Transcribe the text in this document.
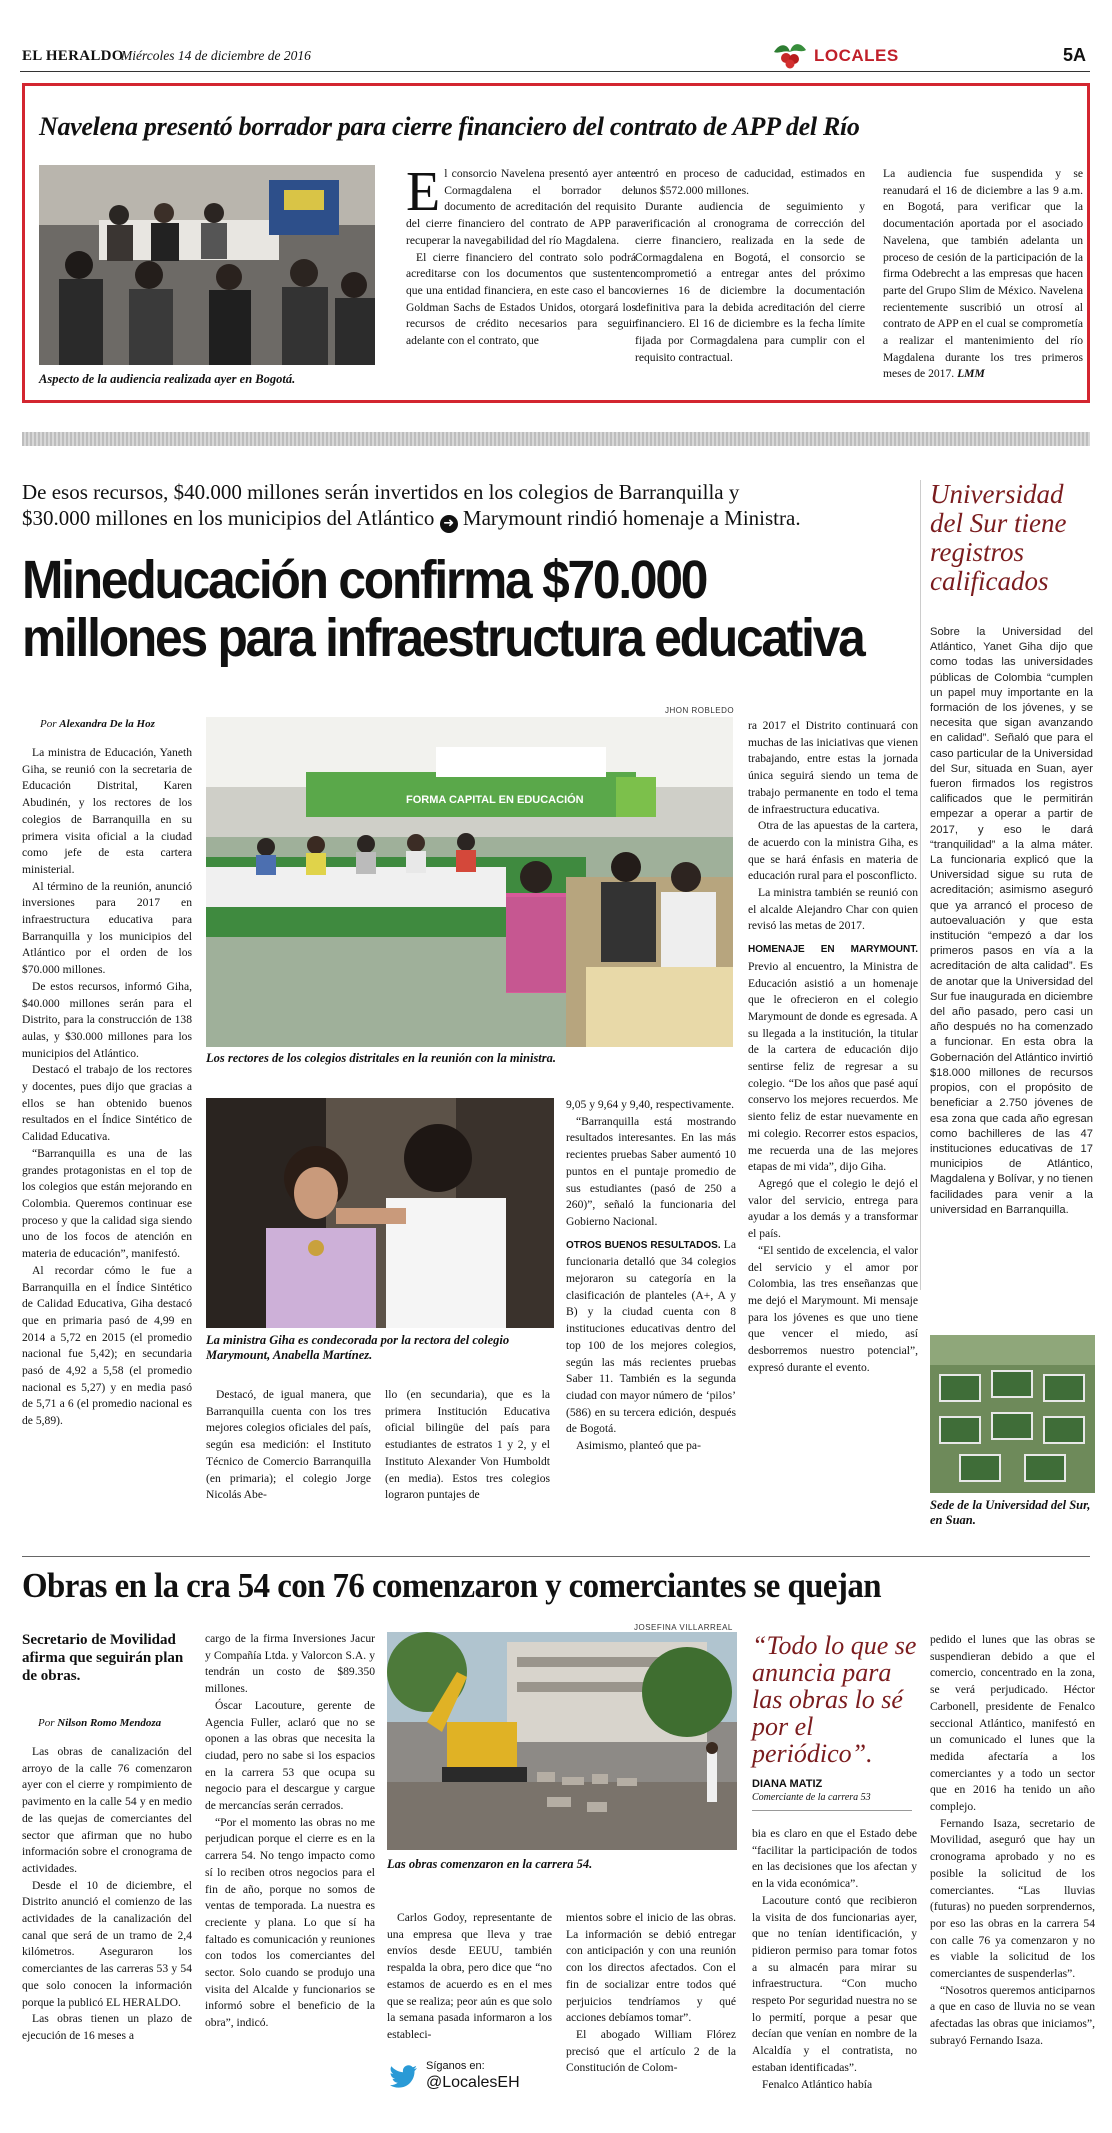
EL HERALDO
Miércoles 14 de diciembre de 2016	LOCALES	5A
Navelena presentó borrador para cierre financiero del contrato de APP del Río
Aspecto de la audiencia realizada ayer en Bogotá.

El consorcio Navelena presentó ayer ante Cormagdalena el borrador del documento de acreditación del requisito del cierre financiero del contrato de APP para recuperar la navegabilidad del río Magdalena.

El cierre financiero del contrato solo podrá acreditarse con los documentos que sustenten que una entidad financiera, en este caso el banco Goldman Sachs de Estados Unidos, otorgará los recursos de crédito necesarios para seguir adelante con el contrato, que

entró en proceso de caducidad, estimados en unos $572.000 millones.

Durante audiencia de seguimiento y verificación al cronograma de corrección del cierre financiero, realizada en la sede de Cormagdalena en Bogotá, el consorcio se comprometió a entregar antes del próximo viernes 16 de diciembre la documentación definitiva para la debida acreditación del cierre financiero. El 16 de diciembre es la fecha límite fijada por Cormagdalena para cumplir con el requisito contractual.

La audiencia fue suspendida y se reanudará el 16 de diciembre a las 9 a.m. en Bogotá, para verificar que la documentación aportada por el asociado Navelena, que también adelanta un proceso de cesión de la participación de la firma Odebrecht a las empresas que hacen parte del Grupo Slim de México. Navelena recientemente suscribió un otrosí al contrato de APP en el cual se comprometía a realizar el mantenimiento del río Magdalena durante los tres primeros meses de 2017. LMM

De esos recursos, $40.000 millones serán invertidos en los colegios de Barranquilla y
$30.000 millones en los municipios del Atlántico ➜ Marymount rindió homenaje a Ministra.
Mineducación confirma $70.000
millones para infraestructura educativa
Por Alexandra De la Hoz

La ministra de Educación, Yaneth Giha, se reunió con la secretaria de Educación Distrital, Karen Abudinén, y los rectores de los colegios de Barranquilla en su primera visita oficial a la ciudad como jefe de esta cartera ministerial.

Al término de la reunión, anunció inversiones para 2017 en infraestructura educativa para Barranquilla y los municipios del Atlántico por el orden de los $70.000 millones.

De estos recursos, informó Giha, $40.000 millones serán para el Distrito, para la construcción de 138 aulas, y $30.000 millones para los municipios del Atlántico.

Destacó el trabajo de los rectores y docentes, pues dijo que gracias a ellos se han obtenido buenos resultados en el Índice Sintético de Calidad Educativa.

“Barranquilla es una de las grandes protagonistas en el top de los colegios que están mejorando en Colombia. Queremos continuar ese proceso y que la calidad siga siendo uno de los focos de atención en materia de educación”, manifestó.

Al recordar cómo le fue a Barranquilla en el Índice Sintético de Calidad Educativa, Giha destacó que en primaria pasó de 4,99 en 2014 a 5,72 en 2015 (el promedio nacional fue 5,42); en secundaria pasó de 4,92 a 5,58 (el promedio nacional es 5,27) y en media pasó de 5,71 a 6 (el promedio nacional es de 5,89).

JHON ROBLEDO
FORMA CAPITAL EN EDUCACIÓN
Los rectores de los colegios distritales en la reunión con la ministra.
La ministra Giha es condecorada por la rectora del colegio Marymount, Anabella Martínez.

Destacó, de igual manera, que Barranquilla cuenta con los tres mejores colegios oficiales del país, según esa medición: el Instituto Técnico de Comercio Barranquilla (en primaria); el colegio Jorge Nicolás Abe-

llo (en secundaria), que es la primera Institución Educativa oficial bilingüe del país para estudiantes de estratos 1 y 2, y el Instituto Alexander Von Humboldt (en media). Estos tres colegios lograron puntajes de

9,05 y 9,64 y 9,40, respectivamente.

“Barranquilla está mostrando resultados interesantes. En las más recientes pruebas Saber aumentó 10 puntos en el puntaje promedio de sus estudiantes (pasó de 250 a 260)”, señaló la funcionaria del Gobierno Nacional.

OTROS BUENOS RESULTADOS. La funcionaria detalló que 34 colegios mejoraron su categoría en la clasificación de planteles (A+, A y B) y la ciudad cuenta con 8 instituciones educativas dentro del top 100 de los mejores colegios, según las más recientes pruebas Saber 11. También es la segunda ciudad con mayor número de ‘pilos’ (586) en su tercera edición, después de Bogotá.

Asimismo, planteó que pa-

ra 2017 el Distrito continuará con muchas de las iniciativas que vienen trabajando, entre estas la jornada única seguirá siendo un tema de trabajo permanente en todo el tema de infraestructura educativa.

Otra de las apuestas de la cartera, de acuerdo con la ministra Giha, es que se hará énfasis en materia de educación rural para el posconflicto.

La ministra también se reunió con el alcalde Alejandro Char con quien revisó las metas de 2017.

HOMENAJE EN MARYMOUNT. Previo al encuentro, la Ministra de Educación asistió a un homenaje que le ofrecieron en el colegio Marymount de donde es egresada. A su llegada a la institución, la titular de la cartera de educación dijo sentirse feliz de regresar a su colegio. “De los años que pasé aquí conservo los mejores recuerdos. Me siento feliz de estar nuevamente en mi colegio. Recorrer estos espacios, me recuerda una de las mejores etapas de mi vida”, dijo Giha.

Agregó que el colegio le dejó el valor del servicio, entrega para ayudar a los demás y a transformar el país.

“El sentido de excelencia, el valor del servicio y el amor por Colombia, las tres enseñanzas que me dejó el Marymount. Mi mensaje para los jóvenes es que uno tiene que vencer el miedo, así desborremos nuestro potencial”, expresó durante el evento.

Universidad del Sur tiene registros calificados
Sobre la Universidad del Atlántico, Yanet Giha dijo que como todas las universidades públicas de Colombia “cumplen un papel muy importante en la formación de los jóvenes, y se necesita que sigan avanzando en calidad”. Señaló que para el caso particular de la Universidad del Sur, situada en Suan, ayer fueron firmados los registros calificados que le permitirán empezar a operar a partir de 2017, y eso le dará “tranquilidad” a la alma máter. La funcionaria explicó que la Universidad sigue su ruta de acreditación; asimismo aseguró que ya arrancó el proceso de autoevaluación y que esta institución “empezó a dar los primeros pasos en vía a la acreditación de alta calidad”. Es de anotar que la Universidad del Sur fue inaugurada en diciembre del año pasado, pero casi un año después no ha comenzado a funcionar. En esta obra la Gobernación del Atlántico invirtió $18.000 millones de recursos propios, con el propósito de beneficiar a 2.750 jóvenes de esa zona que cada año egresan como bachilleres de las 47 instituciones educativas de 17 municipios de Atlántico, Magdalena y Bolívar, y no tienen facilidades para venir a la universidad en Barranquilla.
Sede de la Universidad del Sur, en Suan.
Obras en la cra 54 con 76 comenzaron y comerciantes se quejan
Secretario de Movilidad afirma que seguirán plan de obras.
Por Nilson Romo Mendoza

Las obras de canalización del arroyo de la calle 76 comenzaron ayer con el cierre y rompimiento de pavimento en la calle 54 y en medio de las quejas de comerciantes del sector que afirman que no hubo información sobre el cronograma de actividades.

Desde el 10 de diciembre, el Distrito anunció el comienzo de las actividades de la canalización del canal que será de un tramo de 2,4 kilómetros. Aseguraron los comerciantes de las carreras 53 y 54 que solo conocen la información porque la publicó EL HERALDO.

Las obras tienen un plazo de ejecución de 16 meses a

cargo de la firma Inversiones Jacur y Compañía Ltda. y Valorcon S.A. y tendrán un costo de $89.350 millones.

Óscar Lacouture, gerente de Agencia Fuller, aclaró que no se oponen a las obras que necesita la ciudad, pero no sabe si los espacios en la carrera 53 que ocupa su negocio para el descargue y cargue de mercancías serán cerrados.

“Por el momento las obras no me perjudican porque el cierre es en la carrera 54. No tengo impacto como sí lo reciben otros negocios para el fin de año, porque no somos de ventas de temporada. La nuestra es creciente y plana. Lo que sí ha faltado es comunicación y reuniones con todos los comerciantes del sector. Solo cuando se produjo una visita del Alcalde y funcionarios se informó sobre el beneficio de la obra”, indicó.

JOSEFINA VILLARREAL
Las obras comenzaron en la carrera 54.

Carlos Godoy, representante de una empresa que lleva y trae envíos desde EEUU, también respalda la obra, pero dice que “no estamos de acuerdo es en el mes que se realiza; peor aún es que solo la semana pasada informaron a los estableci-

mientos sobre el inicio de las obras. La información se debió entregar con anticipación y con una reunión con los directos afectados. Con el fin de socializar entre todos qué perjuicios tendríamos y qué acciones debíamos tomar”.

El abogado William Flórez precisó que el artículo 2 de la Constitución de Colom-

Síganos en:
@LocalesEH
“Todo lo que se anuncia para las obras lo sé por el periódico”.
DIANA MATIZ
Comerciante de la carrera 53

bia es claro en que el Estado debe “facilitar la participación de todos en las decisiones que los afectan y en la vida económica”.

Lacouture contó que recibieron la visita de dos funcionarias ayer, que no tenían identificación, y pidieron permiso para tomar fotos a su almacén para mirar su infraestructura. “Con mucho respeto Por seguridad nuestra no se lo permití, porque a pesar que decían que venían en nombre de la Alcaldía y el contratista, no estaban identificadas”.

Fenalco Atlántico había

pedido el lunes que las obras se suspendieran debido a que el comercio, concentrado en la zona, se verá perjudicado. Héctor Carbonell, presidente de Fenalco seccional Atlántico, manifestó en un comunicado el lunes que la medida afectaría a los comerciantes y a todo un sector que en 2016 ha tenido un año complejo.

Fernando Isaza, secretario de Movilidad, aseguró que hay un cronograma aprobado y no es posible la solicitud de los comerciantes. “Las lluvias (futuras) no pueden sorprendernos, por eso las obras en la carrera 54 con calle 76 ya comenzaron y no es viable la solicitud de los comerciantes de suspenderlas”.

“Nosotros queremos anticiparnos a que en caso de lluvia no se vean afectadas las obras que iniciamos”, subrayó Fernando Isaza.
